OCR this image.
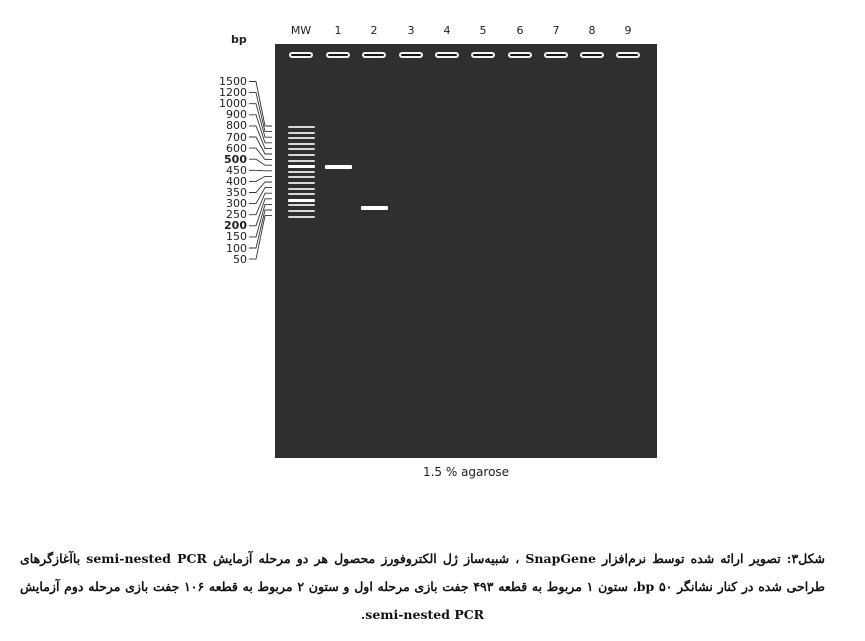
bp
MW	1	2	3	4	5	6	7	8	9
1500
1200
1000
900
800
700
600
500
450
400
350
300
250
200
150
100
50
1.5 % agarose
شکل۳: تصویر ارائه شده توسط نرم‌افزار SnapGene ، شبیه‌ساز ژل الکتروفورز محصول هر دو مرحله آزمایش semi-nested PCR باآغازگرهای طراحی شده در کنار نشانگر bp ۵۰، ستون ۱ مربوط به قطعه ۴۹۳ جفت بازی مرحله اول و ستون ۲ مربوط به قطعه ۱۰۶ جفت بازی مرحله دوم آزمایش semi-nested PCR.
